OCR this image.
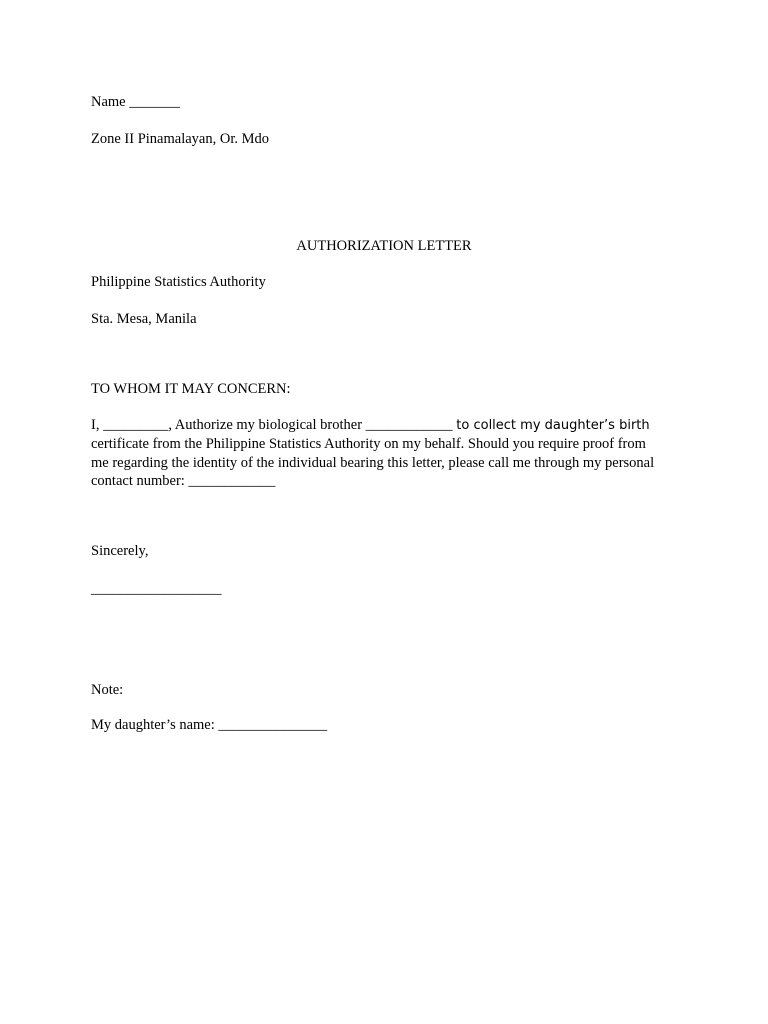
Name _______
Zone II Pinamalayan, Or. Mdo
AUTHORIZATION LETTER
Philippine Statistics Authority
Sta. Mesa, Manila
TO WHOM IT MAY CONCERN:
I, _________, Authorize my biological brother ____________ to collect my daughter’s birth
certificate from the Philippine Statistics Authority on my behalf. Should you require proof from
me regarding the identity of the individual bearing this letter, please call me through my personal
contact number: ____________
Sincerely,
__________________
Note:
My daughter’s name: _______________
